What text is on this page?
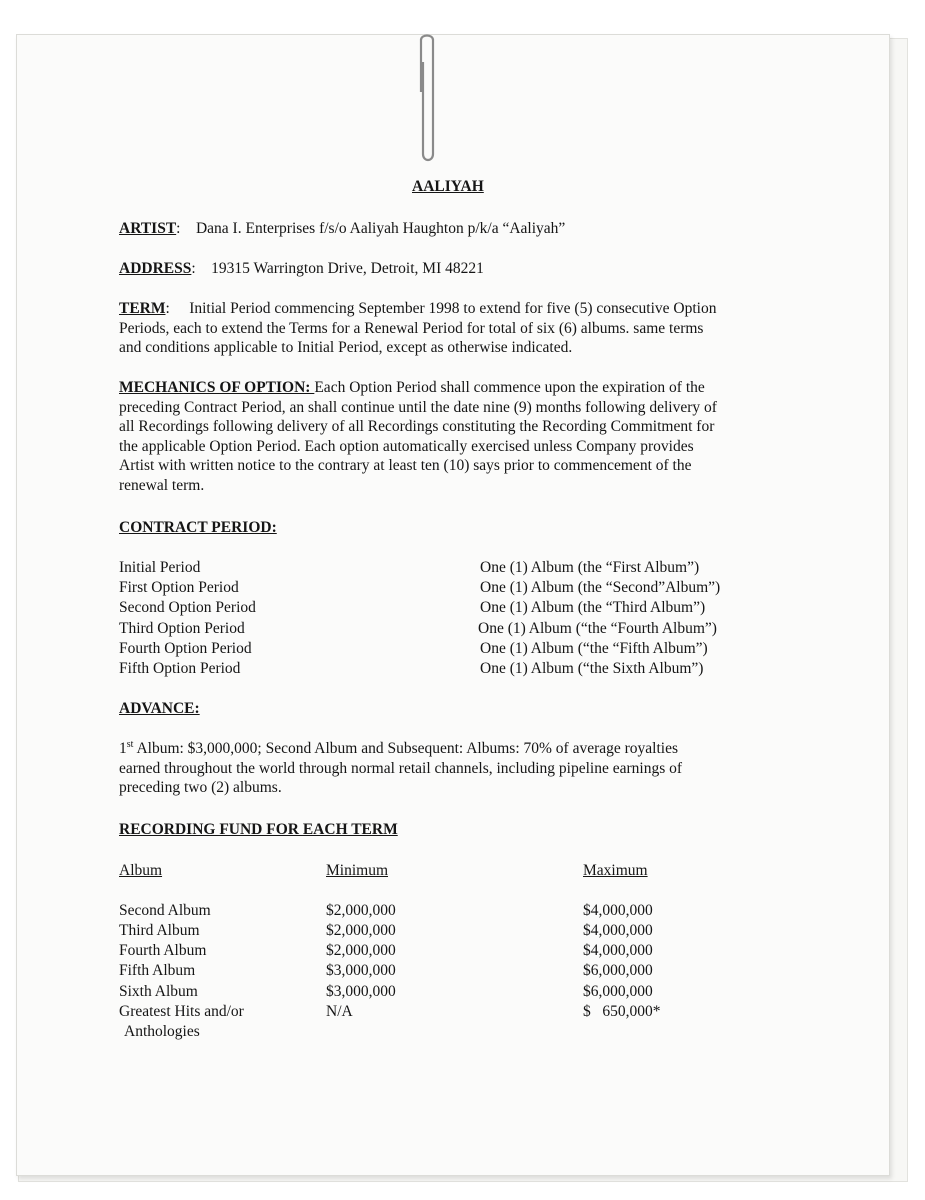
AALIYAH
ARTIST:    Dana I. Enterprises f/s/o Aaliyah Haughton p/k/a “Aaliyah”
ADDRESS:    19315 Warrington Drive, Detroit, MI 48221
TERM:     Initial Period commencing September 1998 to extend for five (5) consecutive Option
Periods, each to extend the Terms for a Renewal Period for total of six (6) albums. same terms
and conditions applicable to Initial Period, except as otherwise indicated.
MECHANICS OF OPTION: Each Option Period shall commence upon the expiration of the
preceding Contract Period, an shall continue until the date nine (9) months following delivery of
all Recordings following delivery of all Recordings constituting the Recording Commitment for
the applicable Option Period. Each option automatically exercised unless Company provides
Artist with written notice to the contrary at least ten (10) says prior to commencement of the
renewal term.
CONTRACT PERIOD:
Initial Period	One (1) Album (the “First Album”)
First Option Period	One (1) Album (the “Second”Album”)
Second Option Period	One (1) Album (the “Third Album”)
Third Option Period	One (1) Album (“the “Fourth Album”)
Fourth Option Period	One (1) Album (“the “Fifth Album”)
Fifth Option Period	One (1) Album (“the Sixth Album”)
ADVANCE:
1st Album: $3,000,000; Second Album and Subsequent: Albums: 70% of average royalties
earned throughout the world through normal retail channels, including pipeline earnings of
preceding two (2) albums.
RECORDING FUND FOR EACH TERM
Album	Minimum	Maximum
Second Album	$2,000,000	$4,000,000
Third Album	$2,000,000	$4,000,000
Fourth Album	$2,000,000	$4,000,000
Fifth Album	$3,000,000	$6,000,000
Sixth Album	$3,000,000	$6,000,000
Greatest Hits and/or
Anthologies
N/A	$   650,000*
